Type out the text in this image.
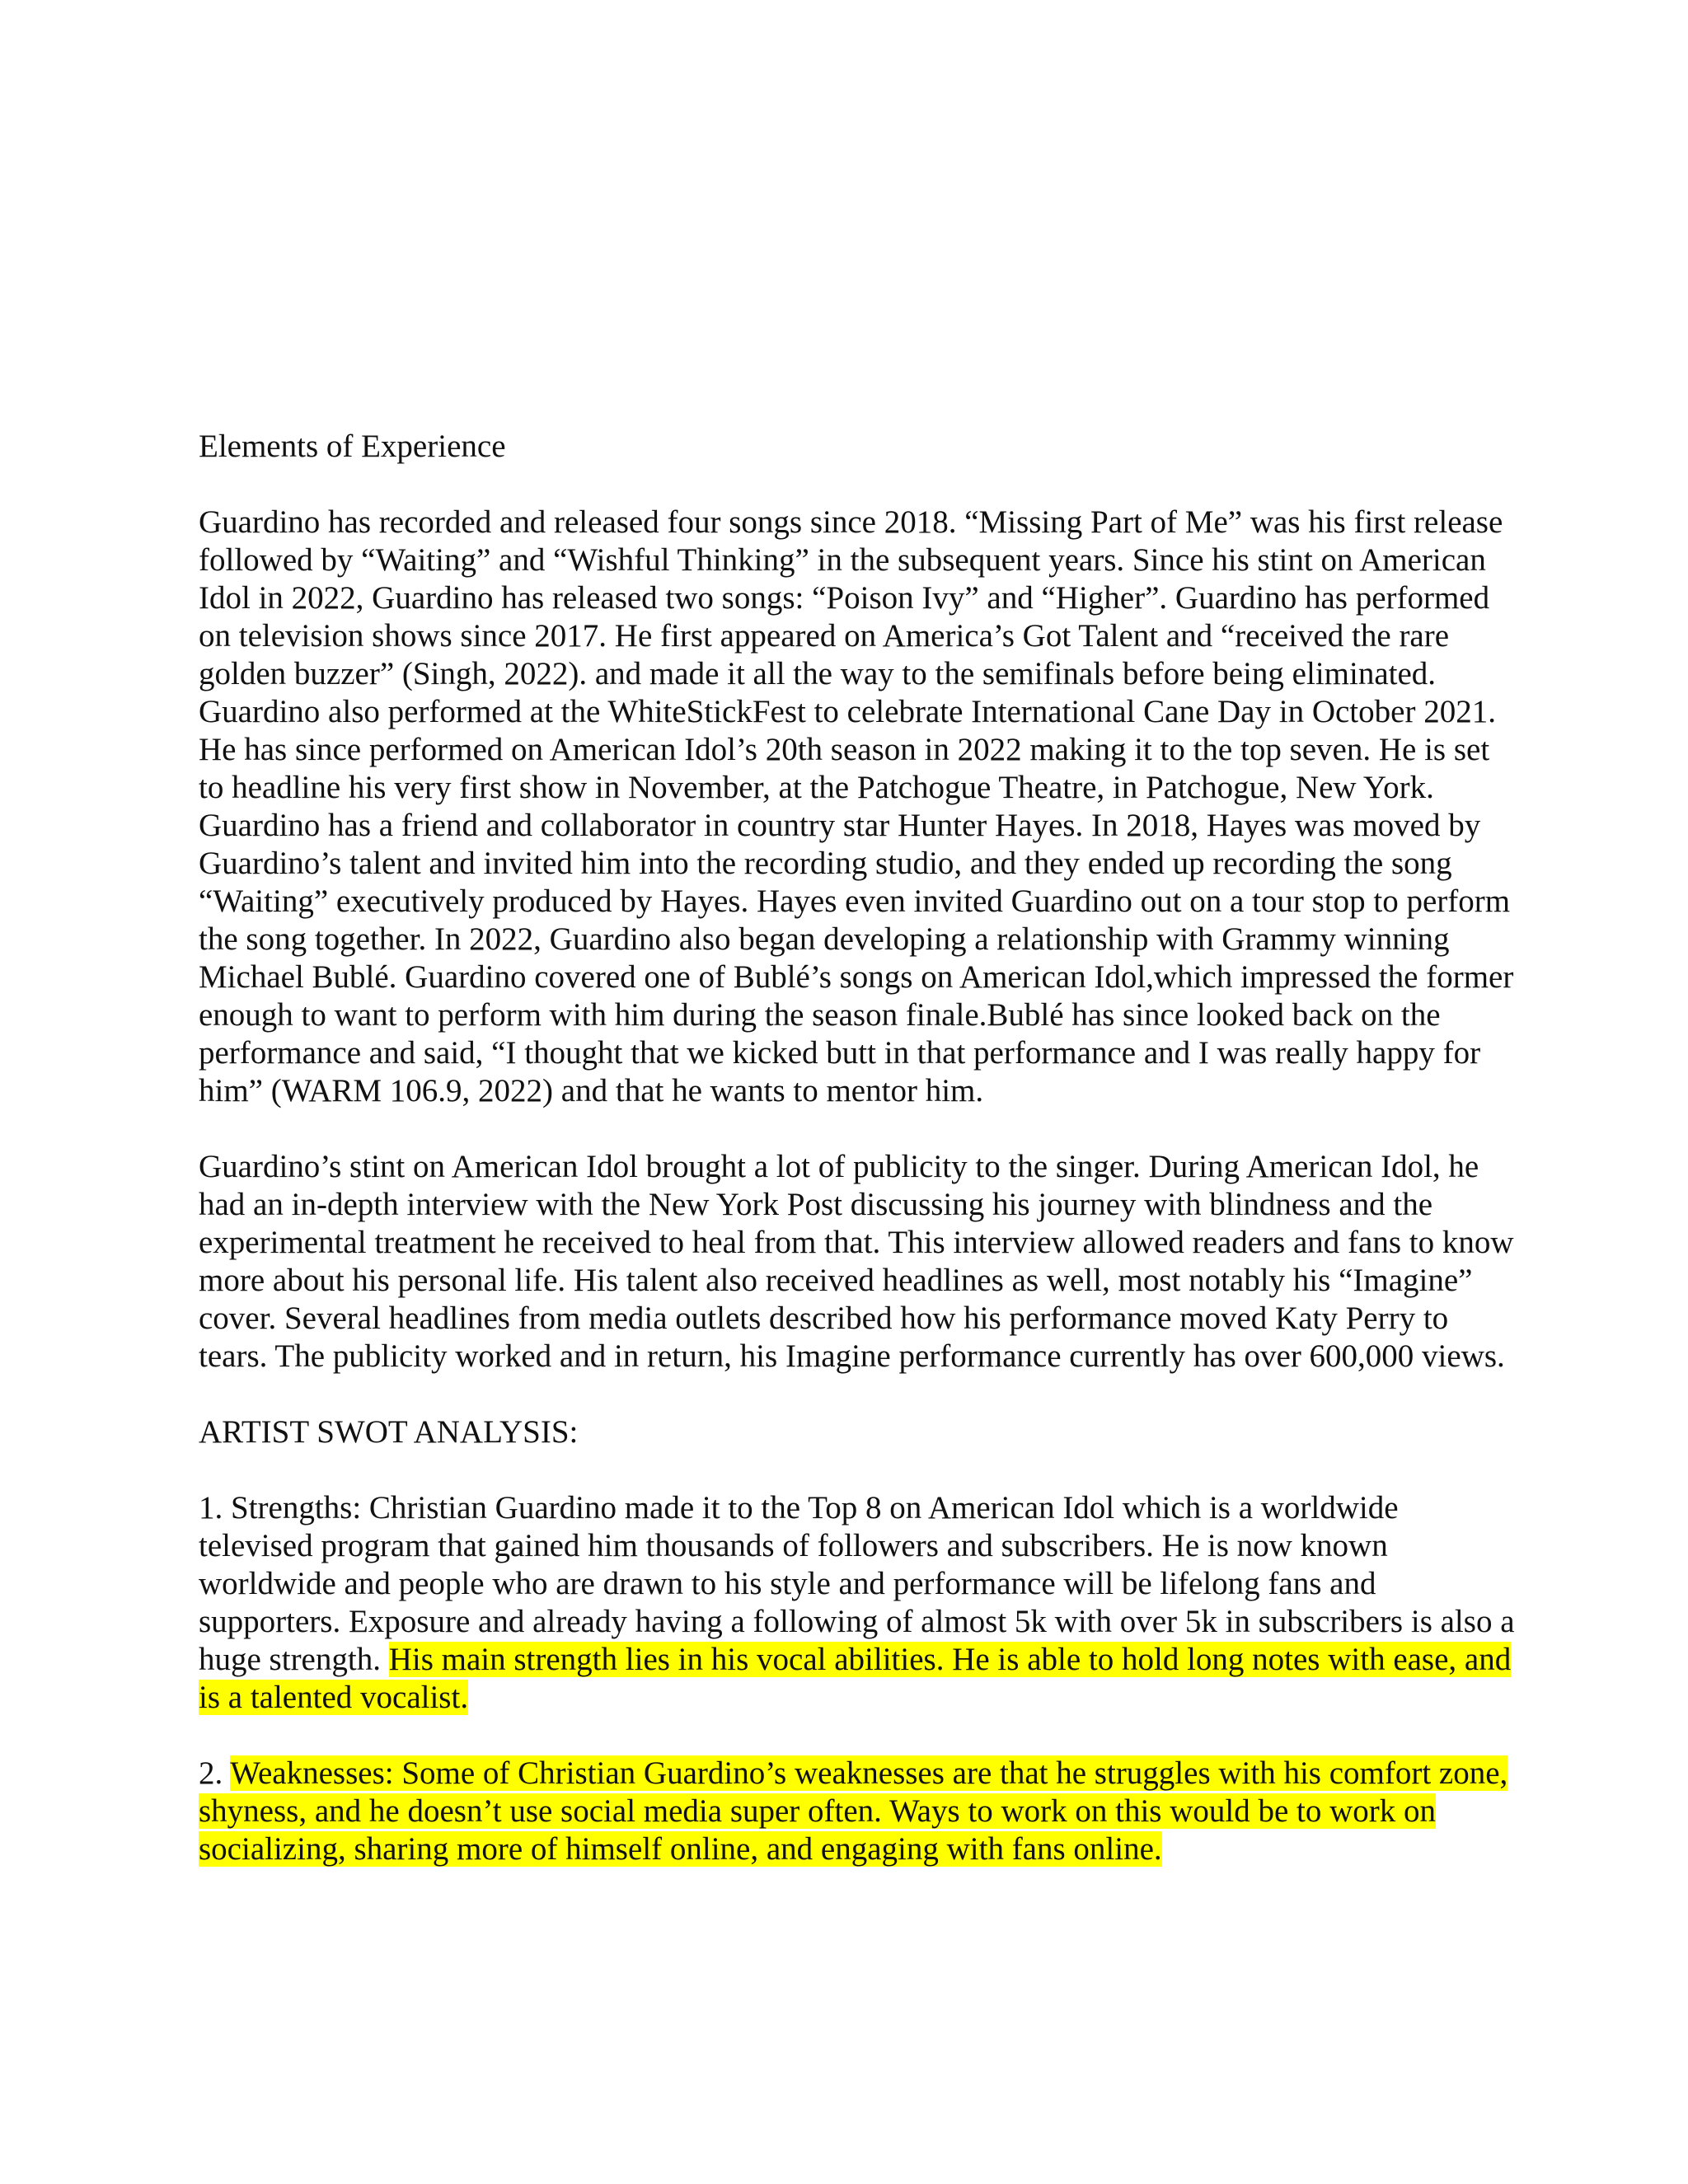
Elements of Experience

Guardino has recorded and released four songs since 2018. “Missing Part of Me” was his first release followed by “Waiting” and “Wishful Thinking” in the subsequent years. Since his stint on American Idol in 2022, Guardino has released two songs: “Poison Ivy” and “Higher”. Guardino has performed on television shows since 2017. He first appeared on America’s Got Talent and “received the rare golden buzzer” (Singh, 2022). and made it all the way to the semifinals before being eliminated. Guardino also performed at the WhiteStickFest to celebrate International Cane Day in October 2021. He has since performed on American Idol’s 20th season in 2022 making it to the top seven. He is set to headline his very first show in November, at the Patchogue Theatre, in Patchogue, New York. Guardino has a friend and collaborator in country star Hunter Hayes. In 2018, Hayes was moved by Guardino’s talent and invited him into the recording studio, and they ended up recording the song “Waiting” executively produced by Hayes. Hayes even invited Guardino out on a tour stop to perform the song together. In 2022, Guardino also began developing a relationship with Grammy winning Michael Bublé. Guardino covered one of Bublé’s songs on American Idol,which impressed the former enough to want to perform with him during the season finale.Bublé has since looked back on the performance and said, “I thought that we kicked butt in that performance and I was really happy for him” (WARM 106.9, 2022) and that he wants to mentor him.

Guardino’s stint on American Idol brought a lot of publicity to the singer. During American Idol, he had an in-depth interview with the New York Post discussing his journey with blindness and the experimental treatment he received to heal from that. This interview allowed readers and fans to know more about his personal life. His talent also received headlines as well, most notably his “Imagine” cover. Several headlines from media outlets described how his performance moved Katy Perry to tears. The publicity worked and in return, his Imagine performance currently has over 600,000 views.

ARTIST SWOT ANALYSIS:

1. Strengths: Christian Guardino made it to the Top 8 on American Idol which is a worldwide televised program that gained him thousands of followers and subscribers. He is now known worldwide and people who are drawn to his style and performance will be lifelong fans and supporters. Exposure and already having a following of almost 5k with over 5k in subscribers is also a huge strength. His main strength lies in his vocal abilities. He is able to hold long notes with ease, and is a talented vocalist.

2. Weaknesses: Some of Christian Guardino’s weaknesses are that he struggles with his comfort zone, shyness, and he doesn’t use social media super often. Ways to work on this would be to work on socializing, sharing more of himself online, and engaging with fans online.
